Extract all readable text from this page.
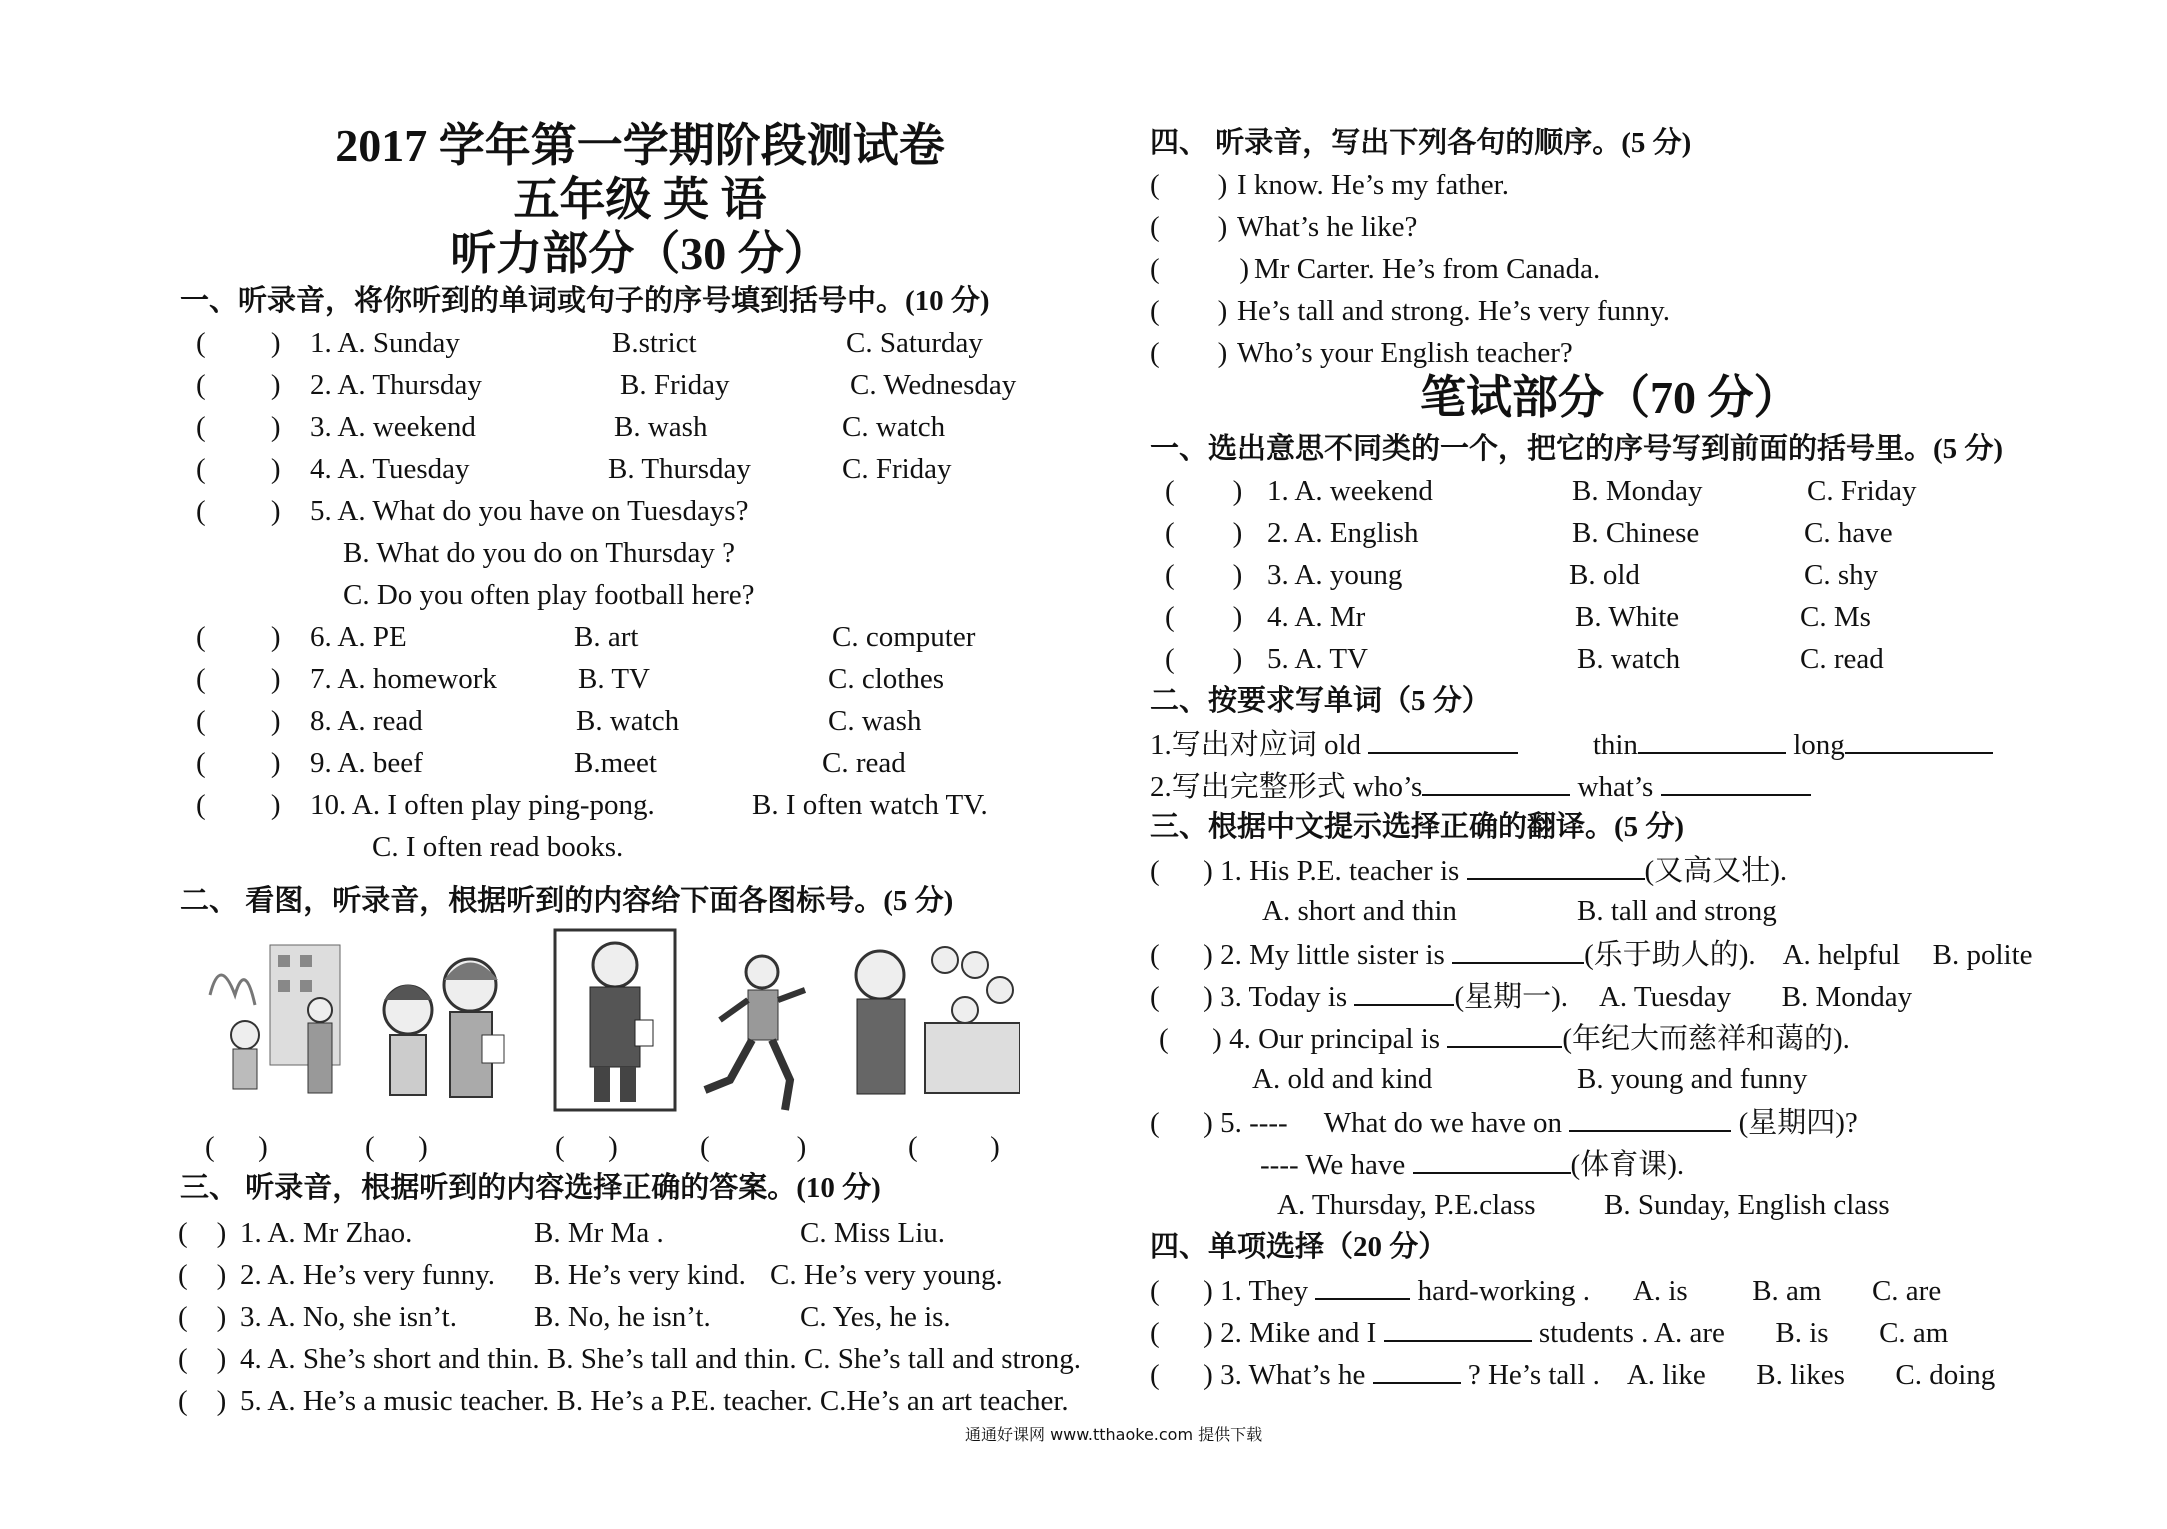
2017 学年第一学期阶段测试卷
五年级 英 语
听力部分（30 分）
一、听录音，将你听到的单词或句子的序号填到括号中。(10 分)
(         ) 1. A. Sunday	B.strict	C. Saturday
(         ) 2. A. Thursday	B. Friday	C. Wednesday
(         ) 3. A. weekend	B. wash	C. watch
(         ) 4. A. Tuesday	B. Thursday	C. Friday
(         ) 5. A. What do you have on Tuesdays?
B. What do you do on Thursday ?
C. Do you often play football here?
(         ) 6. A. PE	B. art	C. computer
(         ) 7. A. homework	B. TV	C. clothes
(         ) 8. A. read	B. watch	C. wash
(         ) 9. A. beef	B.meet	C. read
(         ) 10. A. I often play ping-pong.	B. I often watch TV.
C. I often read books.
二、 看图，听录音，根据听到的内容给下面各图标号。(5 分)
(      )	(      )	(      )	(            )	(          )
三、 听录音，根据听到的内容选择正确的答案。(10 分)
(    ) 1. A. Mr Zhao.	B. Mr Ma .	C. Miss Liu.
(    ) 2. A. He’s very funny. B. He’s very kind. C. He’s very young.
(    ) 3. A. No, she isn’t.	B. No, he isn’t.	C. Yes, he is.
(    ) 4. A. She’s short and thin. B. She’s tall and thin. C. She’s tall and strong.
(    ) 5. A. He’s a music teacher. B. He’s a P.E. teacher. C.He’s an art teacher.
四、 听录音，写出下列各句的顺序。(5 分)
(        ) I know. He’s my father.
(        ) What’s he like?
(           ) Mr Carter. He’s from Canada.
(        ) He’s tall and strong. He’s very funny.
(        ) Who’s your English teacher?
笔试部分（70 分）
一、选出意思不同类的一个，把它的序号写到前面的括号里。(5 分)
(        ) 1. A. weekend	B. Monday	C. Friday
(        ) 2. A. English	B. Chinese	C. have
(        ) 3. A. young	B. old	C. shy
(        ) 4. A. Mr	B. White	C. Ms
(        ) 5. A. TV	B. watch	C. read
二、按要求写单词（5 分）
1.写出对应词 old	thin	long
2.写出完整形式 who’s	what’s
三、根据中文提示选择正确的翻译。(5 分)
(      ) 1. His P.E. teacher is	(又高又壮).
A. short and thin	B. tall and strong
(      ) 2. My little sister is	(乐于助人的). A. helpful B. polite
(      ) 3. Today is	(星期一). A. Tuesday B. Monday
(      ) 4. Our principal is	(年纪大而慈祥和蔼的).
A. old and kind	B. young and funny
(      ) 5. ---- What do we have on	(星期四)?
---- We have	(体育课).
A. Thursday, P.E.class B. Sunday, English class
四、单项选择（20 分）
(      ) 1. They	hard-working . A. is B. am C. are
(      ) 2. Mike and I	students . A. are B. is C. am
(      ) 3. What’s he	? He’s tall . A. like B. likes C. doing
通通好课网 www.tthaoke.com 提供下载
